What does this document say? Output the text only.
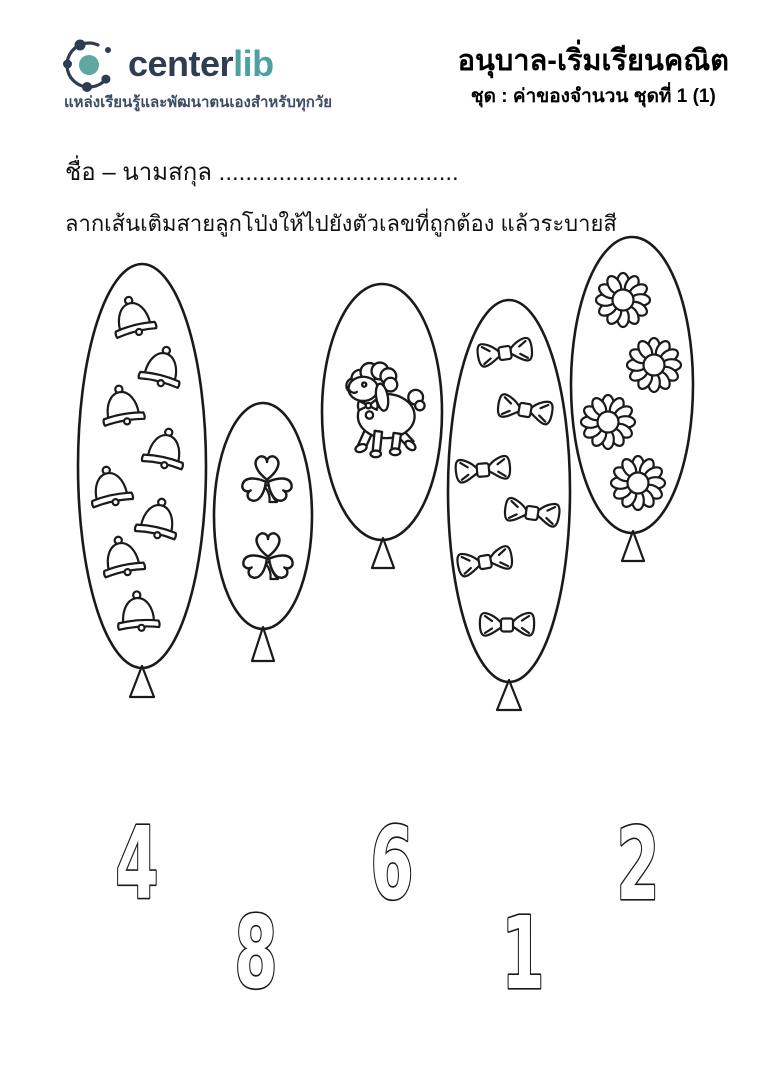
centerlib
แหล่งเรียนรู้และพัฒนาตนเองสำหรับทุกวัย
อนุบาล-เริ่มเรียนคณิต
ชุด : ค่าของจำนวน ชุดที่ 1 (1)
ชื่อ – นามสกุล ....................................
ลากเส้นเติมสายลูกโป่งให้ไปยังตัวเลขที่ถูกต้อง แล้วระบายสี
4
8
6
1
2
